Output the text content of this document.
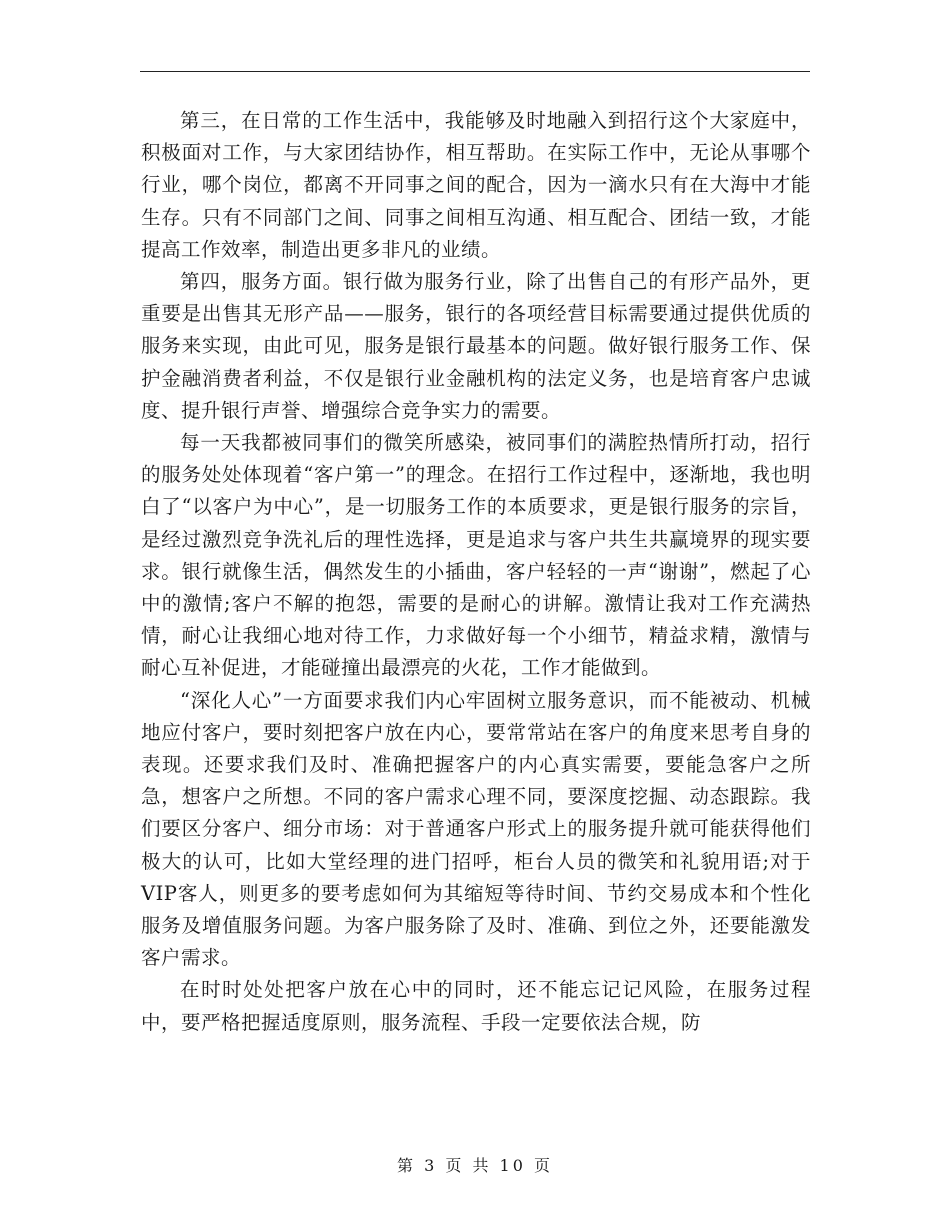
第三，在日常的工作生活中，我能够及时地融入到招行这个大家庭中，积极面对工作，与大家团结协作，相互帮助。在实际工作中，无论从事哪个行业，哪个岗位，都离不开同事之间的配合，因为一滴水只有在大海中才能生存。只有不同部门之间、同事之间相互沟通、相互配合、团结一致，才能提高工作效率，制造出更多非凡的业绩。

第四，服务方面。银行做为服务行业，除了出售自己的有形产品外，更重要是出售其无形产品——服务，银行的各项经营目标需要通过提供优质的服务来实现，由此可见，服务是银行最基本的问题。做好银行服务工作、保护金融消费者利益，不仅是银行业金融机构的法定义务，也是培育客户忠诚度、提升银行声誉、增强综合竞争实力的需要。

每一天我都被同事们的微笑所感染，被同事们的满腔热情所打动，招行的服务处处体现着“客户第一”的理念。在招行工作过程中，逐渐地，我也明白了“以客户为中心”，是一切服务工作的本质要求，更是银行服务的宗旨，是经过激烈竞争洗礼后的理性选择，更是追求与客户共生共赢境界的现实要求。银行就像生活，偶然发生的小插曲，客户轻轻的一声“谢谢”，燃起了心中的激情;客户不解的抱怨，需要的是耐心的讲解。激情让我对工作充满热情，耐心让我细心地对待工作，力求做好每一个小细节，精益求精，激情与耐心互补促进，才能碰撞出最漂亮的火花，工作才能做到。

“深化人心”一方面要求我们内心牢固树立服务意识，而不能被动、机械地应付客户，要时刻把客户放在内心，要常常站在客户的角度来思考自身的表现。还要求我们及时、准确把握客户的内心真实需要，要能急客户之所急，想客户之所想。不同的客户需求心理不同，要深度挖掘、动态跟踪。我们要区分客户、细分市场：对于普通客户形式上的服务提升就可能获得他们极大的认可，比如大堂经理的进门招呼，柜台人员的微笑和礼貌用语;对于VIP客人，则更多的要考虑如何为其缩短等待时间、节约交易成本和个性化服务及增值服务问题。为客户服务除了及时、准确、到位之外，还要能激发客户需求。

在时时处处把客户放在心中的同时，还不能忘记记风险，在服务过程中，要严格把握适度原则，服务流程、手段一定要依法合规，防

第 3 页 共 10 页
